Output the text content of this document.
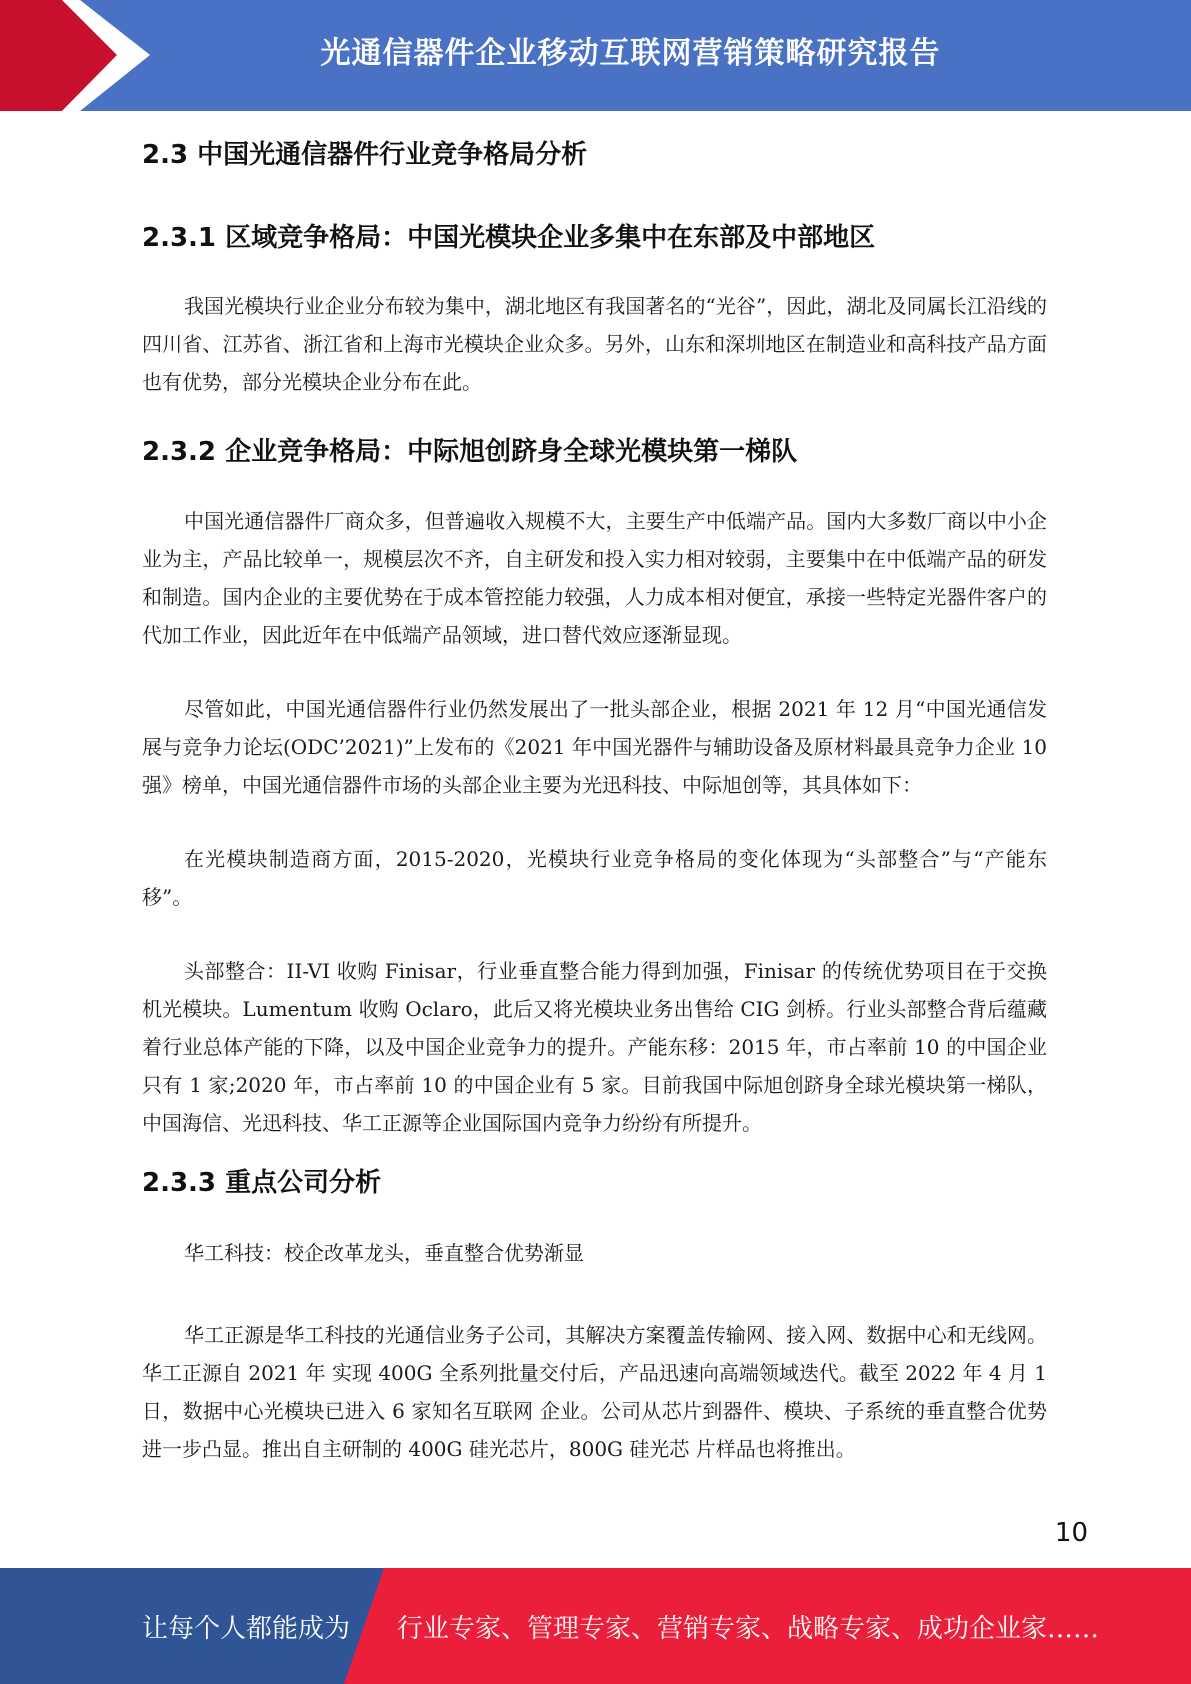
光通信器件企业移动互联网营销策略研究报告
2.3 中国光通信器件行业竞争格局分析
2.3.1 区域竞争格局：中国光模块企业多集中在东部及中部地区

我国光模块行业企业分布较为集中，湖北地区有我国著名的“光谷”，因此，湖北及同属长江沿线的四川省、江苏省、浙江省和上海市光模块企业众多。另外，山东和深圳地区在制造业和高科技产品方面也有优势，部分光模块企业分布在此。

2.3.2 企业竞争格局：中际旭创跻身全球光模块第一梯队

中国光通信器件厂商众多，但普遍收入规模不大，主要生产中低端产品。国内大多数厂商以中小企业为主，产品比较单一，规模层次不齐，自主研发和投入实力相对较弱，主要集中在中低端产品的研发和制造。国内企业的主要优势在于成本管控能力较强，人力成本相对便宜，承接一些特定光器件客户的代加工作业，因此近年在中低端产品领域，进口替代效应逐渐显现。

尽管如此，中国光通信器件行业仍然发展出了一批头部企业，根据 2021 年 12 月“中国光通信发展与竞争力论坛(ODC’2021)”上发布的《2021 年中国光器件与辅助设备及原材料最具竞争力企业 10 强》榜单，中国光通信器件市场的头部企业主要为光迅科技、中际旭创等，其具体如下：

在光模块制造商方面，2015-2020，光模块行业竞争格局的变化体现为“头部整合”与“产能东移”。

头部整合：II-VI 收购 Finisar，行业垂直整合能力得到加强，Finisar 的传统优势项目在于交换机光模块。Lumentum 收购 Oclaro，此后又将光模块业务出售给 CIG 剑桥。行业头部整合背后蕴藏着行业总体产能的下降，以及中国企业竞争力的提升。产能东移：2015 年，市占率前 10 的中国企业只有 1 家;2020 年，市占率前 10 的中国企业有 5 家。目前我国中际旭创跻身全球光模块第一梯队，中国海信、光迅科技、华工正源等企业国际国内竞争力纷纷有所提升。

2.3.3 重点公司分析

华工科技：校企改革龙头，垂直整合优势渐显

华工正源是华工科技的光通信业务子公司，其解决方案覆盖传输网、接入网、数据中心和无线网。华工正源自 2021 年 实现 400G 全系列批量交付后，产品迅速向高端领域迭代。截至 2022 年 4 月 1 日，数据中心光模块已进入 6 家知名互联网 企业。公司从芯片到器件、模块、子系统的垂直整合优势进一步凸显。推出自主研制的 400G 硅光芯片，800G 硅光芯 片样品也将推出。

10
让每个人都能成为 行业专家、管理专家、营销专家、战略专家、成功企业家……
